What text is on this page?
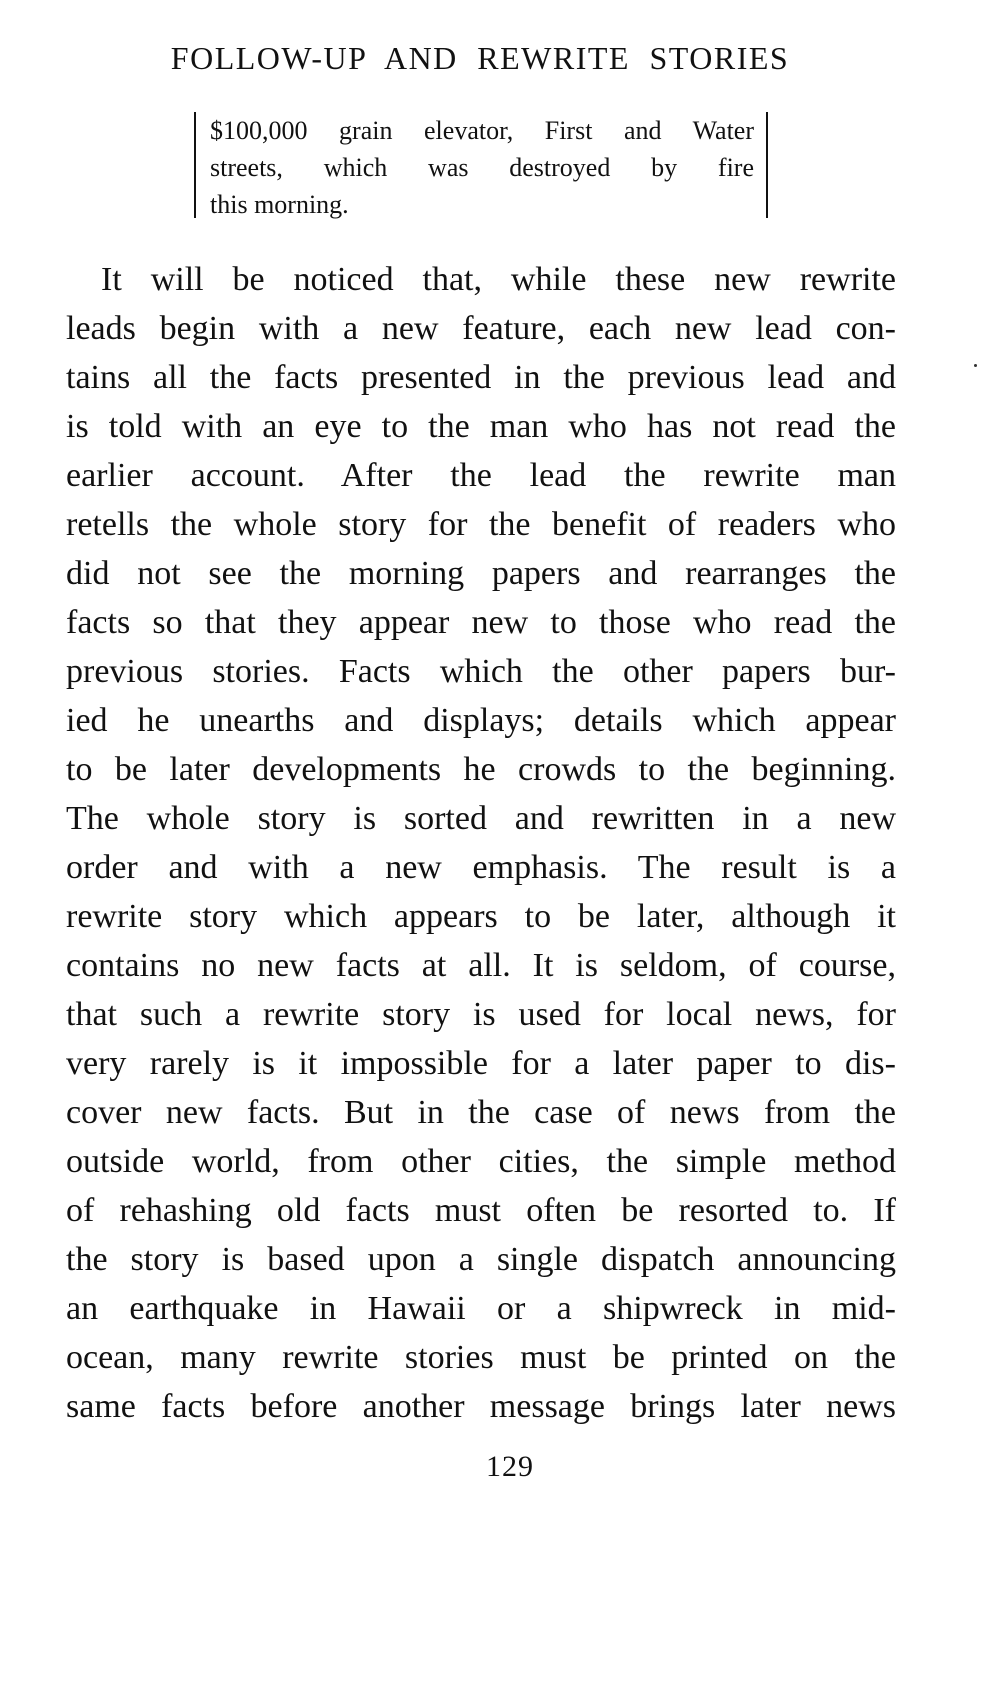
FOLLOW-UP AND REWRITE STORIES
$100,000 grain elevator, First and Water
streets, which was destroyed by fire
this morning.
It will be noticed that, while these new rewrite
leads begin with a new feature, each new lead con-
tains all the facts presented in the previous lead and
is told with an eye to the man who has not read the
earlier account. After the lead the rewrite man
retells the whole story for the benefit of readers who
did not see the morning papers and rearranges the
facts so that they appear new to those who read the
previous stories. Facts which the other papers bur-
ied he unearths and displays; details which appear
to be later developments he crowds to the beginning.
The whole story is sorted and rewritten in a new
order and with a new emphasis. The result is a
rewrite story which appears to be later, although it
contains no new facts at all. It is seldom, of course,
that such a rewrite story is used for local news, for
very rarely is it impossible for a later paper to dis-
cover new facts. But in the case of news from the
outside world, from other cities, the simple method
of rehashing old facts must often be resorted to. If
the story is based upon a single dispatch announcing
an earthquake in Hawaii or a shipwreck in mid-
ocean, many rewrite stories must be printed on the
same facts before another message brings later news
129
